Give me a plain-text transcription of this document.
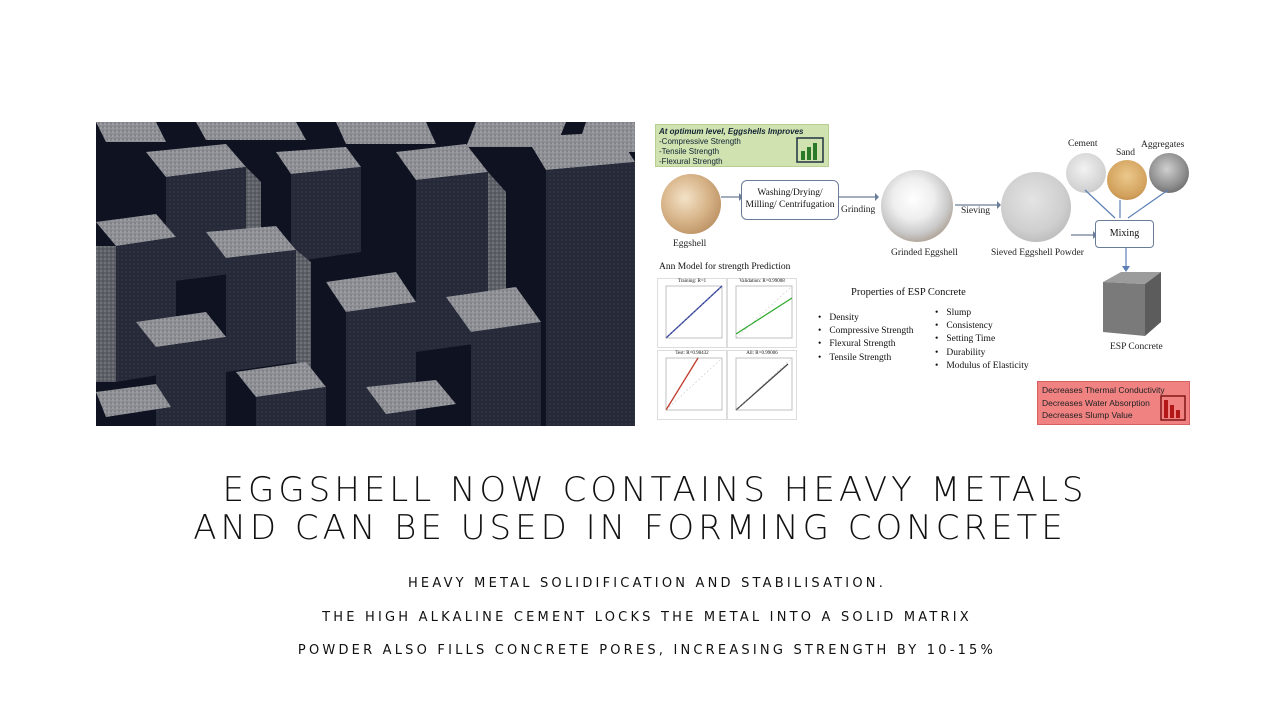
At optimum level, Eggshells Improves
-Compressive Strength
-Tensile Strength
-Flexural Strength
Eggshell
Washing/Drying/ Milling/ Centrifugation Grinding
Grinded Eggshell
Sieving
Sieved Eggshell Powder
Cement
Sand
Aggregates
Mixing
ESP Concrete
Ann Model for strength Prediction
Training: R=1	Validation: R=0.99008
Test: R=0.98432	All: R=0.99006
Properties of ESP Concrete
• Density
• Compressive Strength
• Flexural Strength
• Tensile Strength
• Slump
• Consistency
• Setting Time
• Durability
• Modulus of Elasticity
Decreases Thermal Conductivity
Decreases Water Absorption
Decreases Slump Value
EGGSHELL NOW CONTAINS HEAVY METALS
AND CAN BE USED IN FORMING CONCRETE

HEAVY METAL SOLIDIFICATION AND STABILISATION.

THE HIGH ALKALINE CEMENT LOCKS THE METAL INTO A SOLID MATRIX

POWDER ALSO FILLS CONCRETE PORES, INCREASING STRENGTH BY 10-15%
